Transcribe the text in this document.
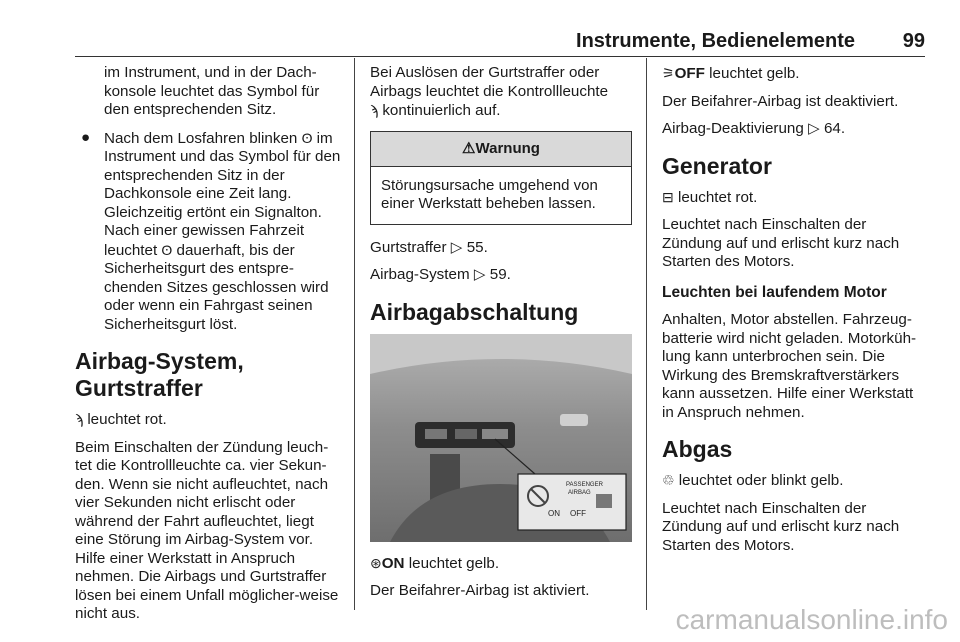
Instrumente, Bedienelemente 99

im Instrument, und in der Dach-konsole leuchtet das Symbol für den entsprechenden Sitz.

● Nach dem Losfahren blinken ʘ im Instrument und das Symbol für den entsprechenden Sitz in der Dachkonsole eine Zeit lang. Gleichzeitig ertönt ein Signalton. Nach einer gewissen Fahrzeit leuchtet ʘ dauerhaft, bis der Sicherheitsgurt des entspre-chenden Sitzes geschlossen wird oder wenn ein Fahrgast seinen Sicherheitsgurt löst.
Airbag-System, Gurtstraffer

ϡ leuchtet rot.

Beim Einschalten der Zündung leuch-tet die Kontrollleuchte ca. vier Sekun-den. Wenn sie nicht aufleuchtet, nach vier Sekunden nicht erlischt oder während der Fahrt aufleuchtet, liegt eine Störung im Airbag-System vor. Hilfe einer Werkstatt in Anspruch nehmen. Die Airbags und Gurtstraffer lösen bei einem Unfall möglicher-weise nicht aus.

Bei Auslösen der Gurtstraffer oder Airbags leuchtet die Kontrollleuchte
ϡ kontinuierlich auf.

⚠Warnung
Störungsursache umgehend von einer Werkstatt beheben lassen.

Gurtstraffer ▷ 55.

Airbag-System ▷ 59.

Airbagabschaltung
PASSENGER
AIRBAG
ON OFF

⊛ON leuchtet gelb.

Der Beifahrer-Airbag ist aktiviert.

⚞OFF leuchtet gelb.

Der Beifahrer-Airbag ist deaktiviert.

Airbag-Deaktivierung ▷ 64.

Generator

⊟ leuchtet rot.

Leuchtet nach Einschalten der Zündung auf und erlischt kurz nach Starten des Motors.

Leuchten bei laufendem Motor

Anhalten, Motor abstellen. Fahrzeug-batterie wird nicht geladen. Motorküh-lung kann unterbrochen sein. Die Wirkung des Bremskraftverstärkers kann aussetzen. Hilfe einer Werkstatt in Anspruch nehmen.

Abgas

♲ leuchtet oder blinkt gelb.

Leuchtet nach Einschalten der Zündung auf und erlischt kurz nach Starten des Motors.

carmanualsonline.info
